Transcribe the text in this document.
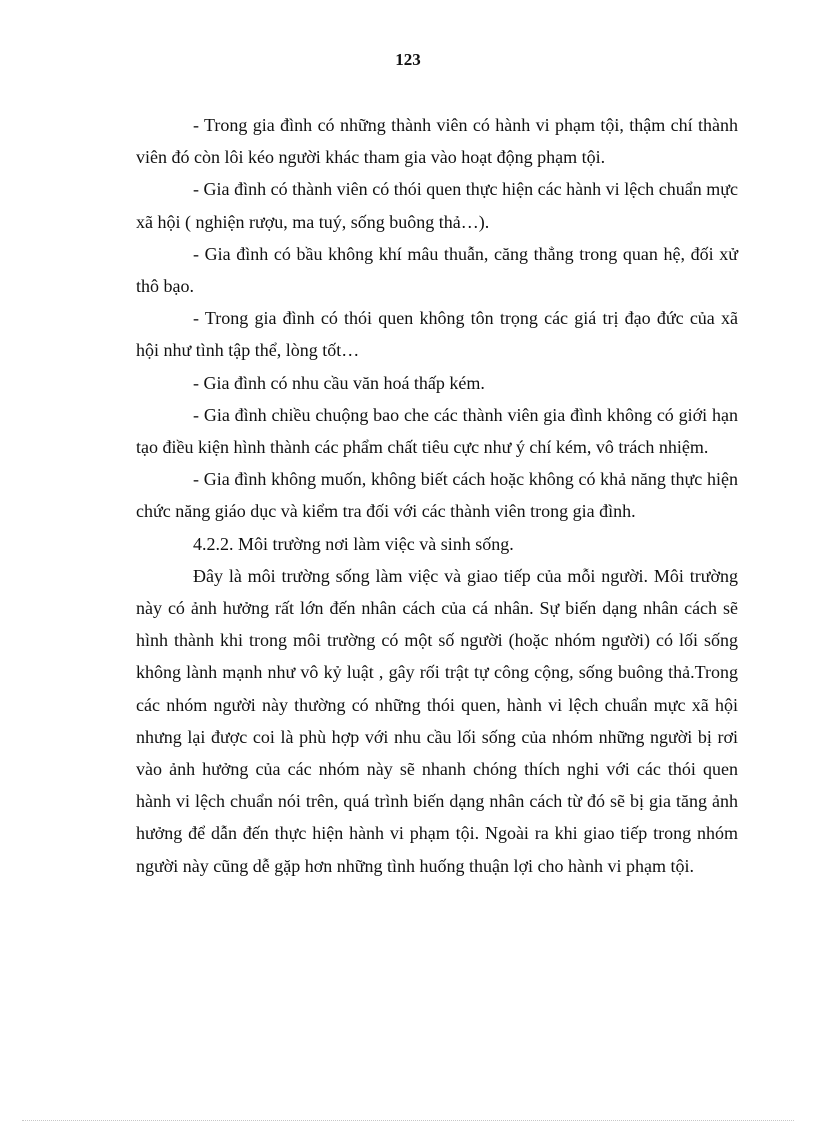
123

- Trong gia đình có những thành viên có hành vi phạm tội, thậm chí thành viên đó còn lôi kéo người khác tham gia vào hoạt động phạm tội.

- Gia đình có thành viên có thói quen thực hiện các hành vi lệch chuẩn mực xã hội ( nghiện rượu, ma tuý, sống buông thả…).

- Gia đình có bầu không khí mâu thuẫn, căng thẳng trong quan hệ, đối xử thô bạo.

- Trong gia đình có thói quen không tôn trọng các giá trị đạo đức của xã hội như tình tập thể, lòng tốt…

- Gia đình có nhu cầu văn hoá thấp kém.

- Gia đình chiều chuộng bao che các thành viên gia đình không có giới hạn tạo điều kiện hình thành các phẩm chất tiêu cực như ý chí kém, vô trách nhiệm.

- Gia đình không muốn, không biết cách hoặc không có khả năng thực hiện chức năng giáo dục và kiểm tra đối với các thành viên trong gia đình.

4.2.2. Môi trường nơi làm việc và sinh sống.

Đây là môi trường sống làm việc và giao tiếp của mỗi người. Môi trường này có ảnh hưởng rất lớn đến nhân cách của cá nhân. Sự biến dạng nhân cách sẽ hình thành khi trong môi trường có một số người (hoặc nhóm người) có lối sống không lành mạnh như vô kỷ luật , gây rối trật tự công cộng, sống buông thả.Trong các nhóm người này thường có những thói quen, hành vi lệch chuẩn mực xã hội nhưng lại được coi là phù hợp với nhu cầu lối sống của nhóm những người bị rơi vào ảnh hưởng của các nhóm này sẽ nhanh chóng thích nghi với các thói quen hành vi lệch chuẩn nói trên, quá trình biến dạng nhân cách từ đó sẽ bị gia tăng ảnh hưởng để dẫn đến thực hiện hành vi phạm tội. Ngoài ra khi giao tiếp trong nhóm người này cũng dễ gặp hơn những tình huống thuận lợi cho hành vi phạm tội.
